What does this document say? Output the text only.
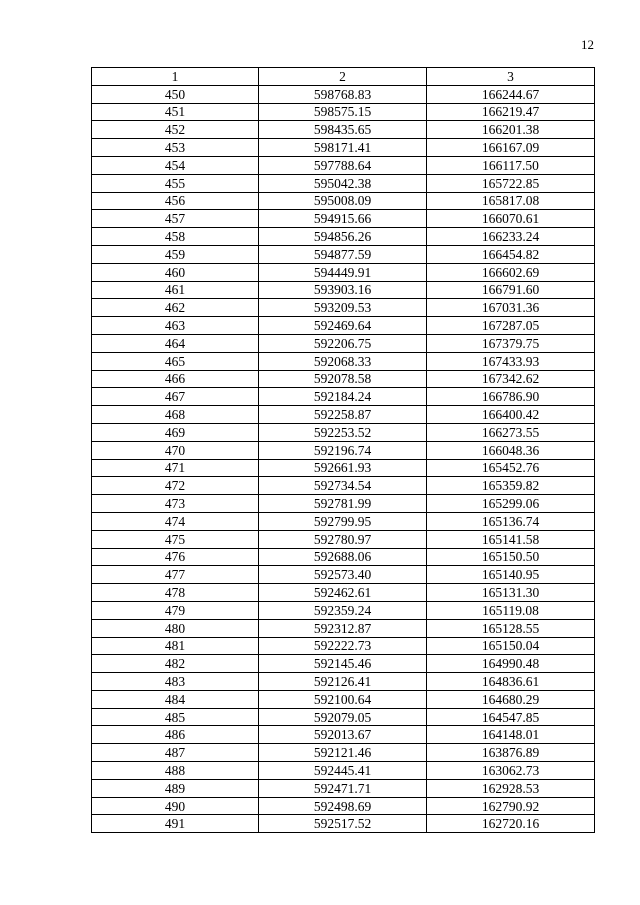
12
1	2	3
450	598768.83	166244.67
451	598575.15	166219.47
452	598435.65	166201.38
453	598171.41	166167.09
454	597788.64	166117.50
455	595042.38	165722.85
456	595008.09	165817.08
457	594915.66	166070.61
458	594856.26	166233.24
459	594877.59	166454.82
460	594449.91	166602.69
461	593903.16	166791.60
462	593209.53	167031.36
463	592469.64	167287.05
464	592206.75	167379.75
465	592068.33	167433.93
466	592078.58	167342.62
467	592184.24	166786.90
468	592258.87	166400.42
469	592253.52	166273.55
470	592196.74	166048.36
471	592661.93	165452.76
472	592734.54	165359.82
473	592781.99	165299.06
474	592799.95	165136.74
475	592780.97	165141.58
476	592688.06	165150.50
477	592573.40	165140.95
478	592462.61	165131.30
479	592359.24	165119.08
480	592312.87	165128.55
481	592222.73	165150.04
482	592145.46	164990.48
483	592126.41	164836.61
484	592100.64	164680.29
485	592079.05	164547.85
486	592013.67	164148.01
487	592121.46	163876.89
488	592445.41	163062.73
489	592471.71	162928.53
490	592498.69	162790.92
491	592517.52	162720.16
